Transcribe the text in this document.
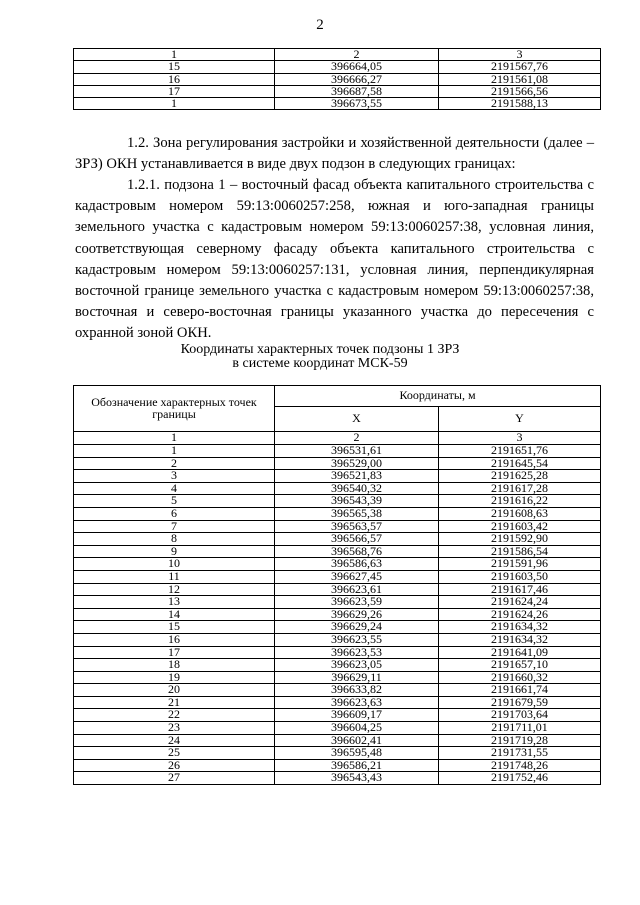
2
1	2	3
15	396664,05	2191567,76
16	396666,27	2191561,08
17	396687,58	2191566,56
1	396673,55	2191588,13

1.2. Зона регулирования застройки и хозяйственной деятельности (далее – ЗРЗ) ОКН устанавливается в виде двух подзон в следующих границах:

1.2.1. подзона 1 – восточный фасад объекта капитального строительства с кадастровым номером 59:13:0060257:258, южная и юго-западная границы земельного участка с кадастровым номером 59:13:0060257:38, условная линия, соответствующая северному фасаду объекта капитального строительства с кадастровым номером 59:13:0060257:131, условная линия, перпендикулярная восточной границе земельного участка с кадастровым номером 59:13:0060257:38, восточная и северо-восточная границы указанного участка до пересечения с охранной зоной ОКН.

Координаты характерных точек подзоны 1 ЗРЗ
в системе координат МСК-59
Обозначение характерных точек границы	Координаты, м	
	X	Y
1	2	3
1	396531,61	2191651,76
2	396529,00	2191645,54
3	396521,83	2191625,28
4	396540,32	2191617,28
5	396543,39	2191616,22
6	396565,38	2191608,63
7	396563,57	2191603,42
8	396566,57	2191592,90
9	396568,76	2191586,54
10	396586,63	2191591,96
11	396627,45	2191603,50
12	396623,61	2191617,46
13	396623,59	2191624,24
14	396629,26	2191624,26
15	396629,24	2191634,32
16	396623,55	2191634,32
17	396623,53	2191641,09
18	396623,05	2191657,10
19	396629,11	2191660,32
20	396633,82	2191661,74
21	396623,63	2191679,59
22	396609,17	2191703,64
23	396604,25	2191711,01
24	396602,41	2191719,28
25	396595,48	2191731,55
26	396586,21	2191748,26
27	396543,43	2191752,46
